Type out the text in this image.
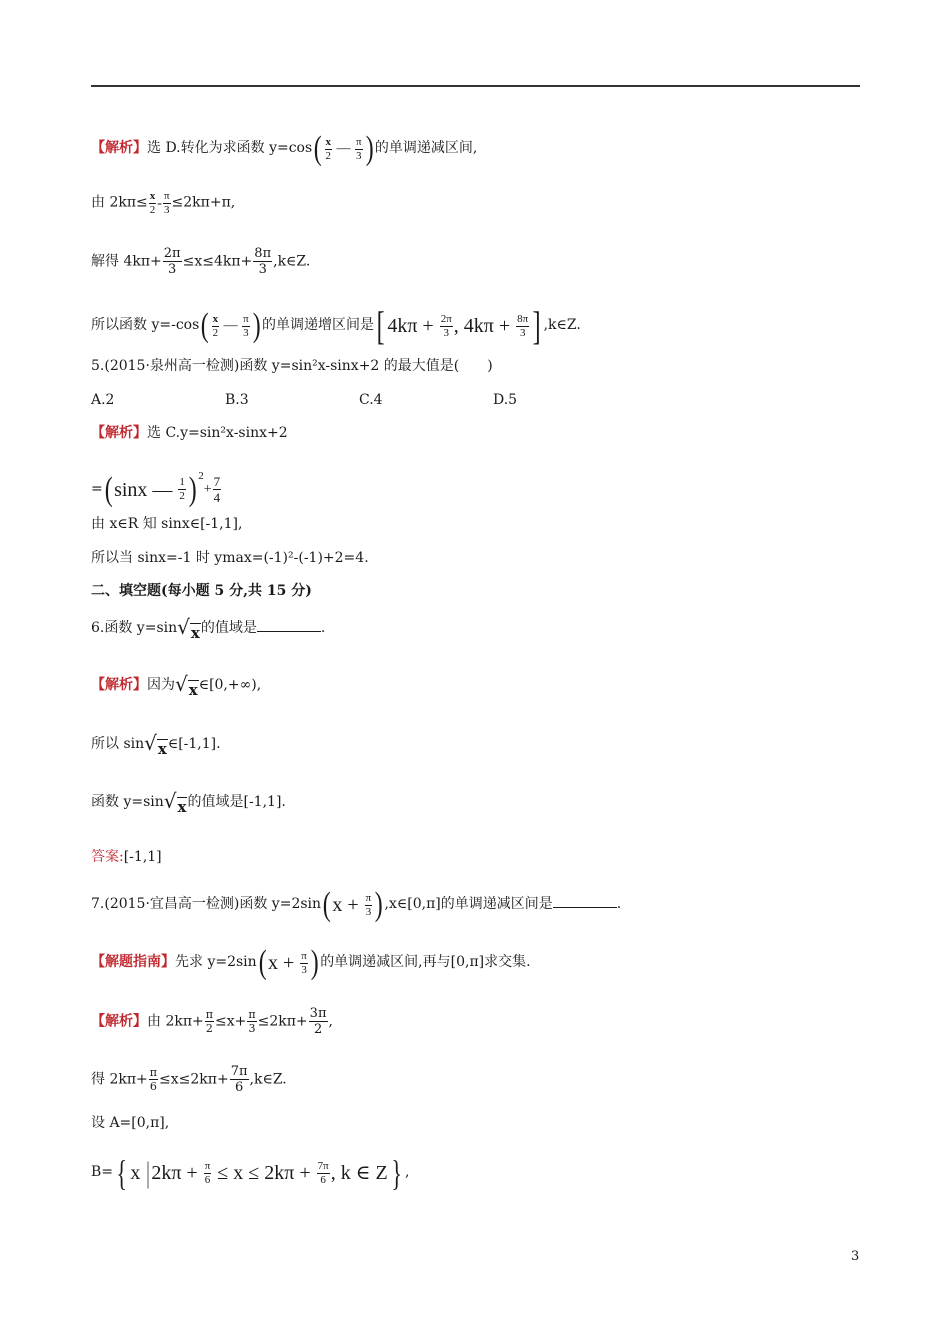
【解析】选 D.转化为求函数 $y=\cos( \frac{x}{2}$ — $\frac{\pi}{3}$ ) 的单调递减区间,
由 $2k\pi\le \frac{x}{2} - \frac{\pi}{3} \le 2k\pi+\pi$,
解得 $4k\pi+ \frac{2\pi}{3} \le x\le 4k\pi+ \frac{8\pi}{3}$ ,k∈Z.
所以函数 $y=-\cos( \frac{x}{2}$ — $\frac{\pi}{3}$ ) 的单调递增区间是[ $4k\pi + \frac{2\pi}{3}$ , $4k\pi + \frac{8\pi}{3}$ ] ,k∈Z.
5.(2015·泉州高一检测)函数 y=sin²x-sinx+2 的最大值是(　　)
A.2	B.3	C.4	D.5
【解析】选 C.y=sin²x-sinx+2
=(sinx — $\frac{1}{2}$ ) $^2+ \frac{7}{4}$
由 x∈R 知 sinx∈[-1,1],
所以当 sinx=-1 时 ymax=(-1)²-(-1)+2=4.
二、填空题(每小题 5 分,共 15 分)
6.函数 y=sin√x的值域是	.
【解析】因为√x∈[0,+∞),
所以 sin√x∈[-1,1].
函数 y=sin√x的值域是[-1,1].
答案:[-1,1]
7.(2015·宜昌高一检测)函数 $y=2\sin(x + \frac{\pi}{3}$ ) ,x∈[0,π]的单调递减区间是	.
【解题指南】先求 $y=2\sin(x + \frac{\pi}{3}$ ) 的单调递减区间,再与[0,π]求交集.
【解析】由 $2k\pi+ \frac{\pi}{2} \le x+ \frac{\pi}{3} \le 2k\pi+ \frac{3\pi}{2}$ ,
得 $2k\pi+ \frac{\pi}{6} \le x\le 2k\pi+ \frac{7\pi}{6}$ ,k∈Z.
设 A=[0,π],
B={ x $|2k\pi + \frac{\pi}{6} \le x \le 2k\pi + \frac{7\pi}{6}$ , k ∈ Z} ,
3
